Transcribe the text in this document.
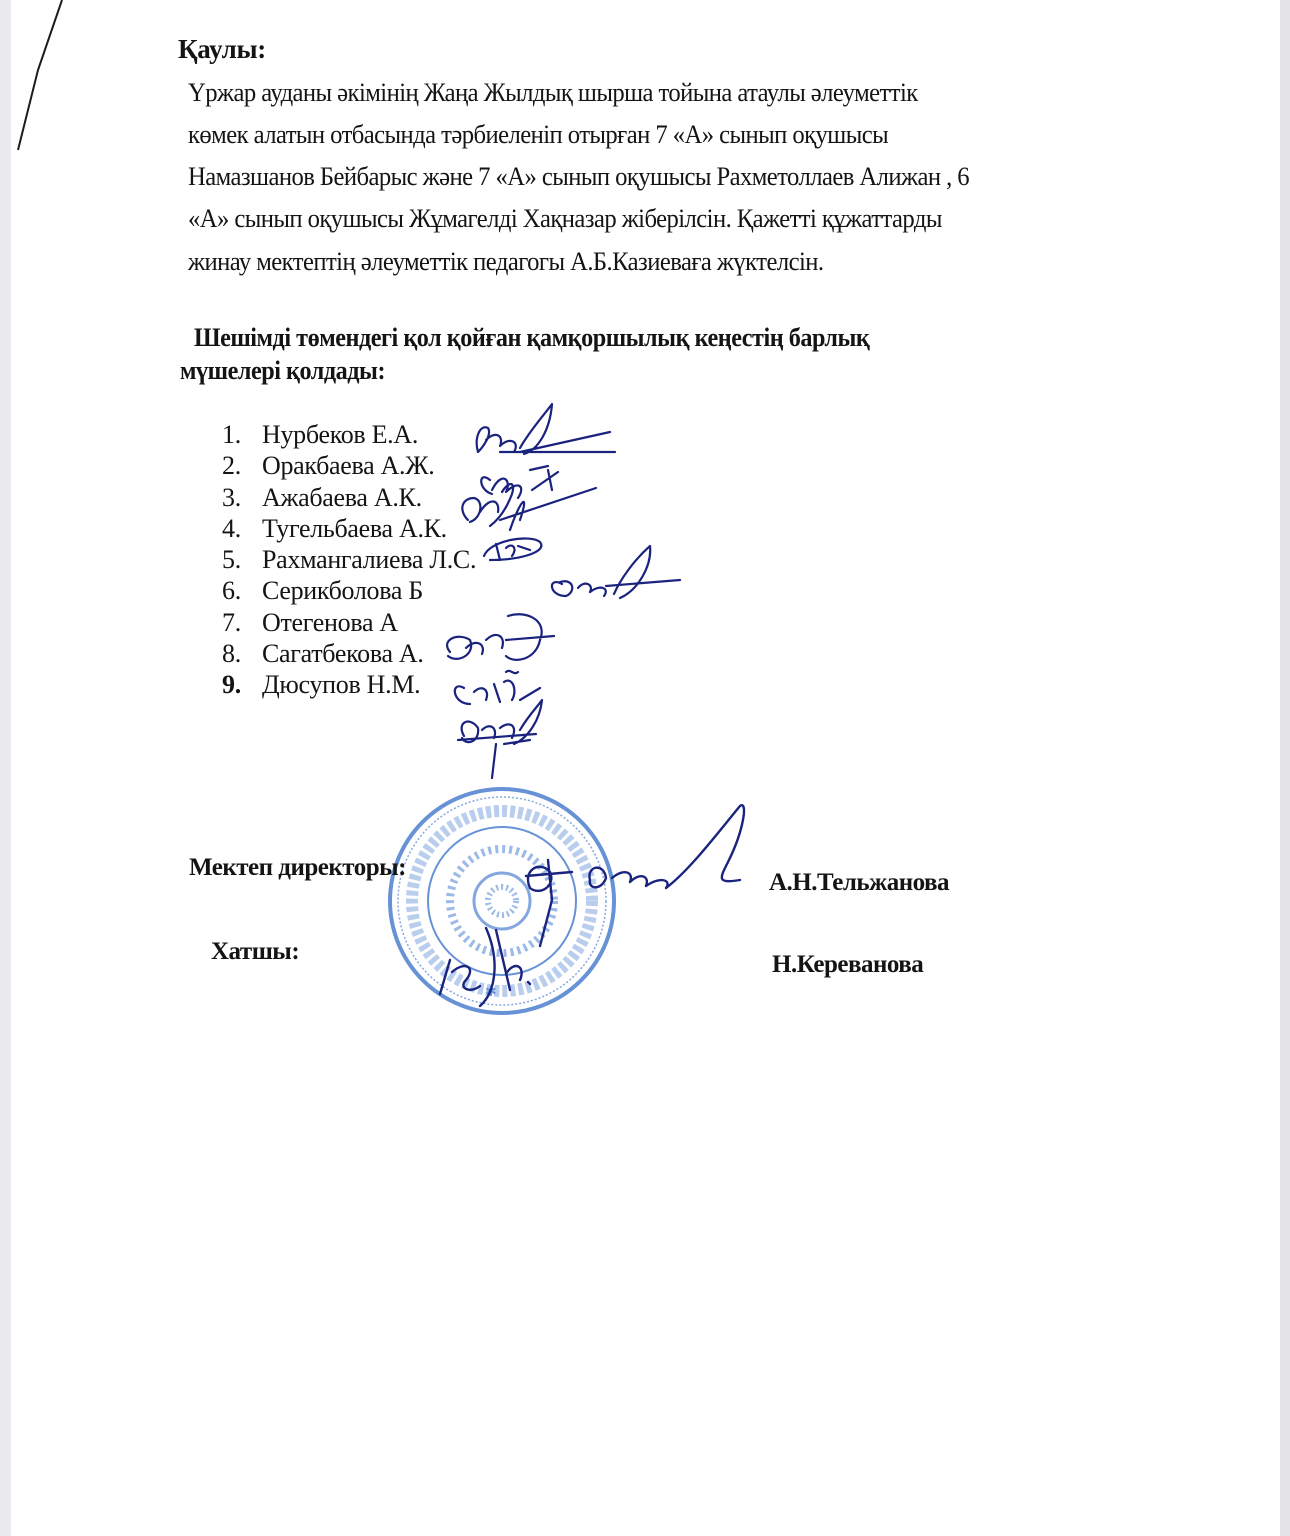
Қаулы:
Үржар ауданы әкімінің Жаңа Жылдық шырша тойына атаулы әлеуметтік
көмек алатын отбасында тәрбиеленіп отырған 7 «А» сынып оқушысы
Намазшанов Бейбарыс және 7 «А» сынып оқушысы Рахметоллаев Алижан , 6
«А» сынып оқушысы Жұмагелді Хақназар жіберілсін. Қажетті құжаттарды
жинау мектептің әлеуметтік педагогы А.Б.Казиеваға жүктелсін.
Шешімді төмендегі қол қойған қамқоршылық кеңестің барлық
мүшелері қолдады:
1. Нурбеков Е.А.
2. Оракбаева А.Ж.
3. Ажабаева А.К.
4. Тугельбаева А.К.
5. Рахмангалиева Л.С.
6. Серикболова Б
7. Отегенова А
8. Сагатбекова А.
9. Дюсупов Н.М.
✱
Мектеп директоры:
А.Н.Тельжанова
Хатшы:	Н.Кереванова
